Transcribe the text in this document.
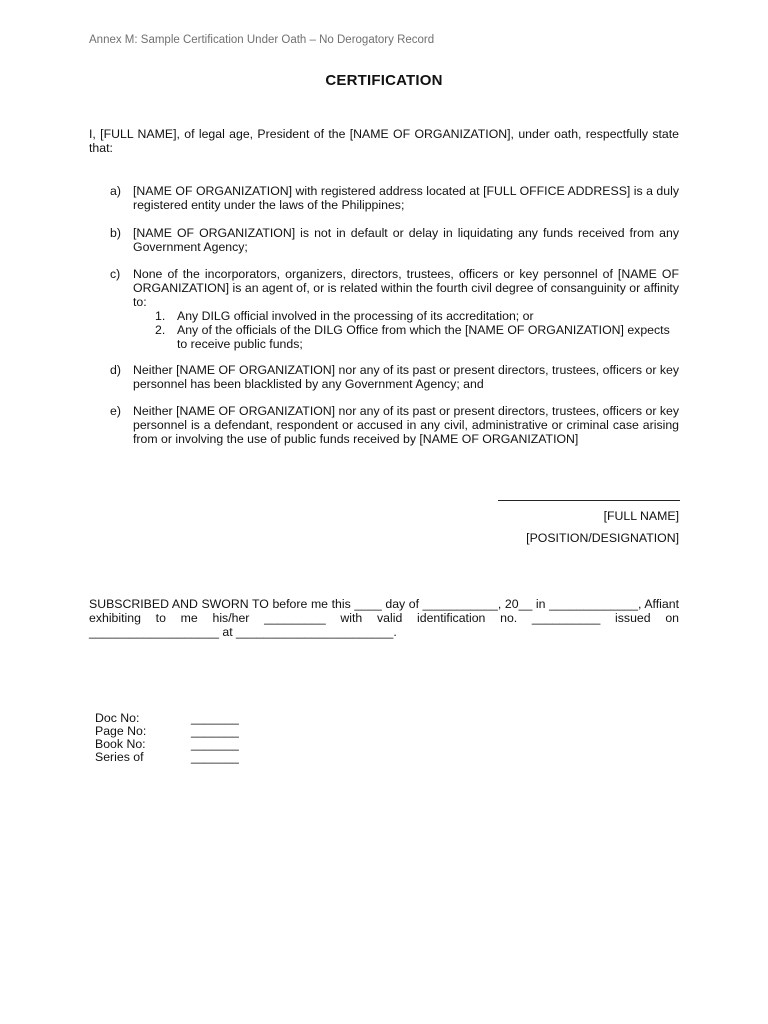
Annex M: Sample Certification Under Oath – No Derogatory Record
CERTIFICATION
I, [FULL NAME], of legal age, President of the [NAME OF ORGANIZATION], under oath, respectfully state that:
a) [NAME OF ORGANIZATION] with registered address located at [FULL OFFICE ADDRESS] is a duly registered entity under the laws of the Philippines;
b) [NAME OF ORGANIZATION] is not in default or delay in liquidating any funds received from any Government Agency;
c) None of the incorporators, organizers, directors, trustees, officers or key personnel of [NAME OF ORGANIZATION] is an agent of, or is related within the fourth civil degree of consanguinity or affinity to:
1. Any DILG official involved in the processing of its accreditation; or
2. Any of the officials of the DILG Office from which the [NAME OF ORGANIZATION] expects to receive public funds;
d) Neither [NAME OF ORGANIZATION] nor any of its past or present directors, trustees, officers or key personnel has been blacklisted by any Government Agency; and
e) Neither [NAME OF ORGANIZATION] nor any of its past or present directors, trustees, officers or key personnel is a defendant, respondent or accused in any civil, administrative or criminal case arising from or involving the use of public funds received by [NAME OF ORGANIZATION]
[FULL NAME]
[POSITION/DESIGNATION]
SUBSCRIBED AND SWORN TO before me this ____ day of ___________, 20__ in _____________, Affiant exhibiting to me his/her _________ with valid identification no. __________ issued on ___________________ at _______________________.
Doc No:	_______
Page No:	_______
Book No:	_______
Series of	_______
